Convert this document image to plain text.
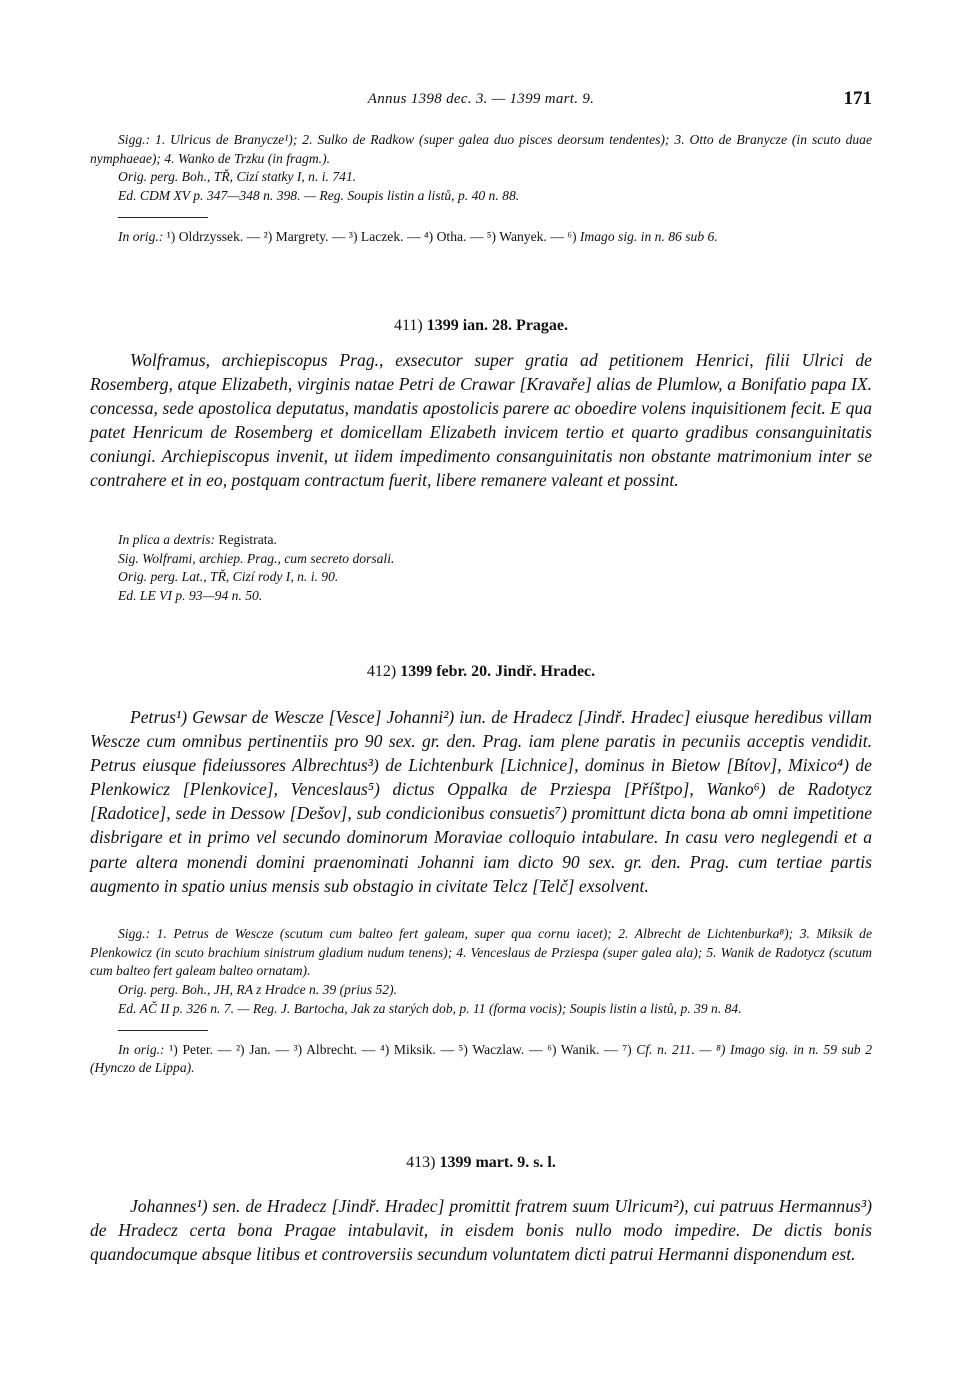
Annus 1398 dec. 3. — 1399 mart. 9.	171

Sigg.: 1. Ulricus de Branycze¹); 2. Sulko de Radkow (super galea duo pisces deorsum tendentes); 3. Otto de Branycze (in scuto duae nymphaeae); 4. Wanko de Trzku (in fragm.).

Orig. perg. Boh., TŘ, Cizí statky I, n. i. 741.

Ed. CDM XV p. 347—348 n. 398. — Reg. Soupis listin a listů, p. 40 n. 88.

In orig.: ¹) Oldrzyssek. — ²) Margrety. — ³) Laczek. — ⁴) Otha. — ⁵) Wanyek. — ⁶) Imago sig. in n. 86 sub 6.

411) 1399 ian. 28. Pragae.

Wolframus, archiepiscopus Prag., exsecutor super gratia ad petitionem Henrici, filii Ulrici de Rosemberg, atque Elizabeth, virginis natae Petri de Crawar [Kravaře] alias de Plumlow, a Bonifatio papa IX. concessa, sede apostolica deputatus, mandatis apostolicis parere ac oboedire volens inquisitionem fecit. E qua patet Henricum de Rosemberg et domicellam Elizabeth invicem tertio et quarto gradibus consanguinitatis coniungi. Archiepiscopus invenit, ut iidem impedimento consanguinitatis non obstante matrimonium inter se contrahere et in eo, postquam contractum fuerit, libere remanere valeant et possint.

In plica a dextris: Registrata.

Sig. Wolframi, archiep. Prag., cum secreto dorsali.

Orig. perg. Lat., TŘ, Cizí rody I, n. i. 90.

Ed. LE VI p. 93—94 n. 50.

412) 1399 febr. 20. Jindř. Hradec.

Petrus¹) Gewsar de Wescze [Vesce] Johanni²) iun. de Hradecz [Jindř. Hradec] eiusque heredibus villam Wescze cum omnibus pertinentiis pro 90 sex. gr. den. Prag. iam plene paratis in pecuniis acceptis vendidit. Petrus eiusque fideiussores Albrechtus³) de Lichtenburk [Lichnice], dominus in Bietow [Bítov], Mixico⁴) de Plenkowicz [Plenkovice], Venceslaus⁵) dictus Oppalka de Prziespa [Příštpo], Wanko⁶) de Radotycz [Radotice], sede in Dessow [Dešov], sub condicionibus consuetis⁷) promittunt dicta bona ab omni impetitione disbrigare et in primo vel secundo dominorum Moraviae colloquio intabulare. In casu vero neglegendi et a parte altera monendi domini praenominati Johanni iam dicto 90 sex. gr. den. Prag. cum tertiae partis augmento in spatio unius mensis sub obstagio in civitate Telcz [Telč] exsolvent.

Sigg.: 1. Petrus de Wescze (scutum cum balteo fert galeam, super qua cornu iacet); 2. Albrecht de Lichtenburka⁸); 3. Miksik de Plenkowicz (in scuto brachium sinistrum gladium nudum tenens); 4. Venceslaus de Prziespa (super galea ala); 5. Wanik de Radotycz (scutum cum balteo fert galeam balteo ornatam).

Orig. perg. Boh., JH, RA z Hradce n. 39 (prius 52).

Ed. AČ II p. 326 n. 7. — Reg. J. Bartocha, Jak za starých dob, p. 11 (forma vocis); Soupis listin a listů, p. 39 n. 84.

In orig.: ¹) Peter. — ²) Jan. — ³) Albrecht. — ⁴) Miksik. — ⁵) Waczlaw. — ⁶) Wanik. — ⁷) Cf. n. 211. — ⁸) Imago sig. in n. 59 sub 2 (Hynczo de Lippa).

413) 1399 mart. 9. s. l.

Johannes¹) sen. de Hradecz [Jindř. Hradec] promittit fratrem suum Ulricum²), cui patruus Hermannus³) de Hradecz certa bona Pragae intabulavit, in eisdem bonis nullo modo impedire. De dictis bonis quandocumque absque litibus et controversiis secundum voluntatem dicti patrui Hermanni disponendum est.
